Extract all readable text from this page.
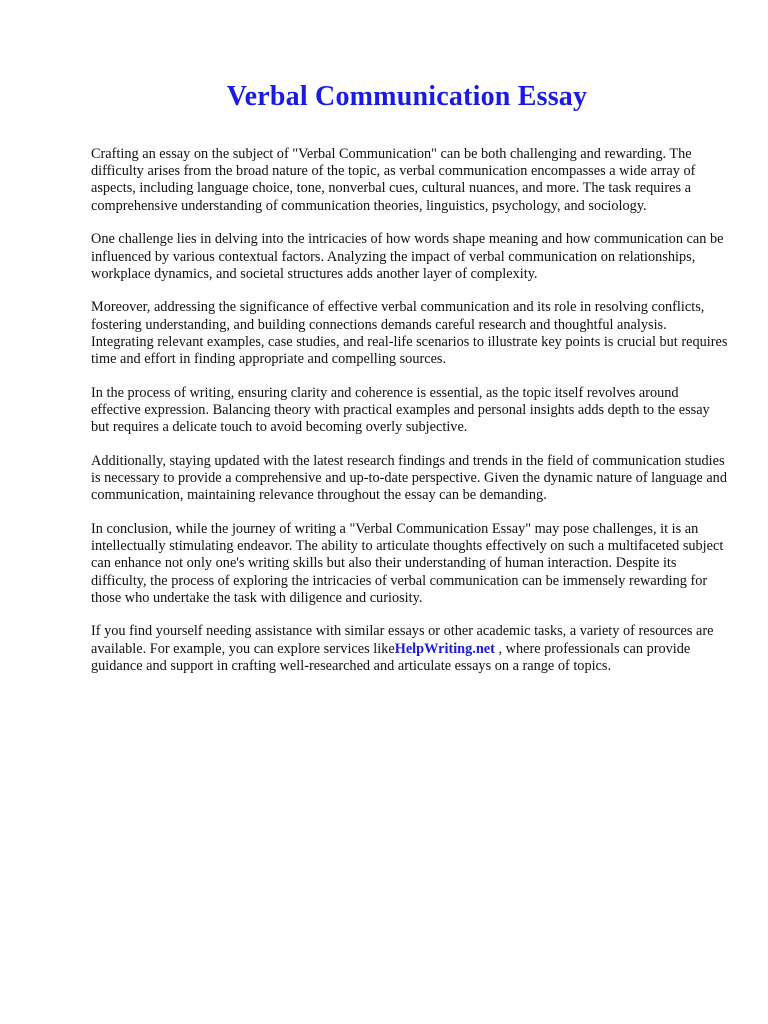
Verbal Communication Essay

Crafting an essay on the subject of "Verbal Communication" can be both challenging and rewarding. The difficulty arises from the broad nature of the topic, as verbal communication encompasses a wide array of aspects, including language choice, tone, nonverbal cues, cultural nuances, and more. The task requires a comprehensive understanding of communication theories, linguistics, psychology, and sociology.

One challenge lies in delving into the intricacies of how words shape meaning and how communication can be influenced by various contextual factors. Analyzing the impact of verbal communication on relationships, workplace dynamics, and societal structures adds another layer of complexity.

Moreover, addressing the significance of effective verbal communication and its role in resolving conflicts, fostering understanding, and building connections demands careful research and thoughtful analysis. Integrating relevant examples, case studies, and real-life scenarios to illustrate key points is crucial but requires time and effort in finding appropriate and compelling sources.

In the process of writing, ensuring clarity and coherence is essential, as the topic itself revolves around effective expression. Balancing theory with practical examples and personal insights adds depth to the essay but requires a delicate touch to avoid becoming overly subjective.

Additionally, staying updated with the latest research findings and trends in the field of communication studies is necessary to provide a comprehensive and up-to-date perspective. Given the dynamic nature of language and communication, maintaining relevance throughout the essay can be demanding.

In conclusion, while the journey of writing a "Verbal Communication Essay" may pose challenges, it is an intellectually stimulating endeavor. The ability to articulate thoughts effectively on such a multifaceted subject can enhance not only one's writing skills but also their understanding of human interaction. Despite its difficulty, the process of exploring the intricacies of verbal communication can be immensely rewarding for those who undertake the task with diligence and curiosity.

If you find yourself needing assistance with similar essays or other academic tasks, a variety of resources are available. For example, you can explore services likeHelpWriting.net , where professionals can provide guidance and support in crafting well-researched and articulate essays on a range of topics.
